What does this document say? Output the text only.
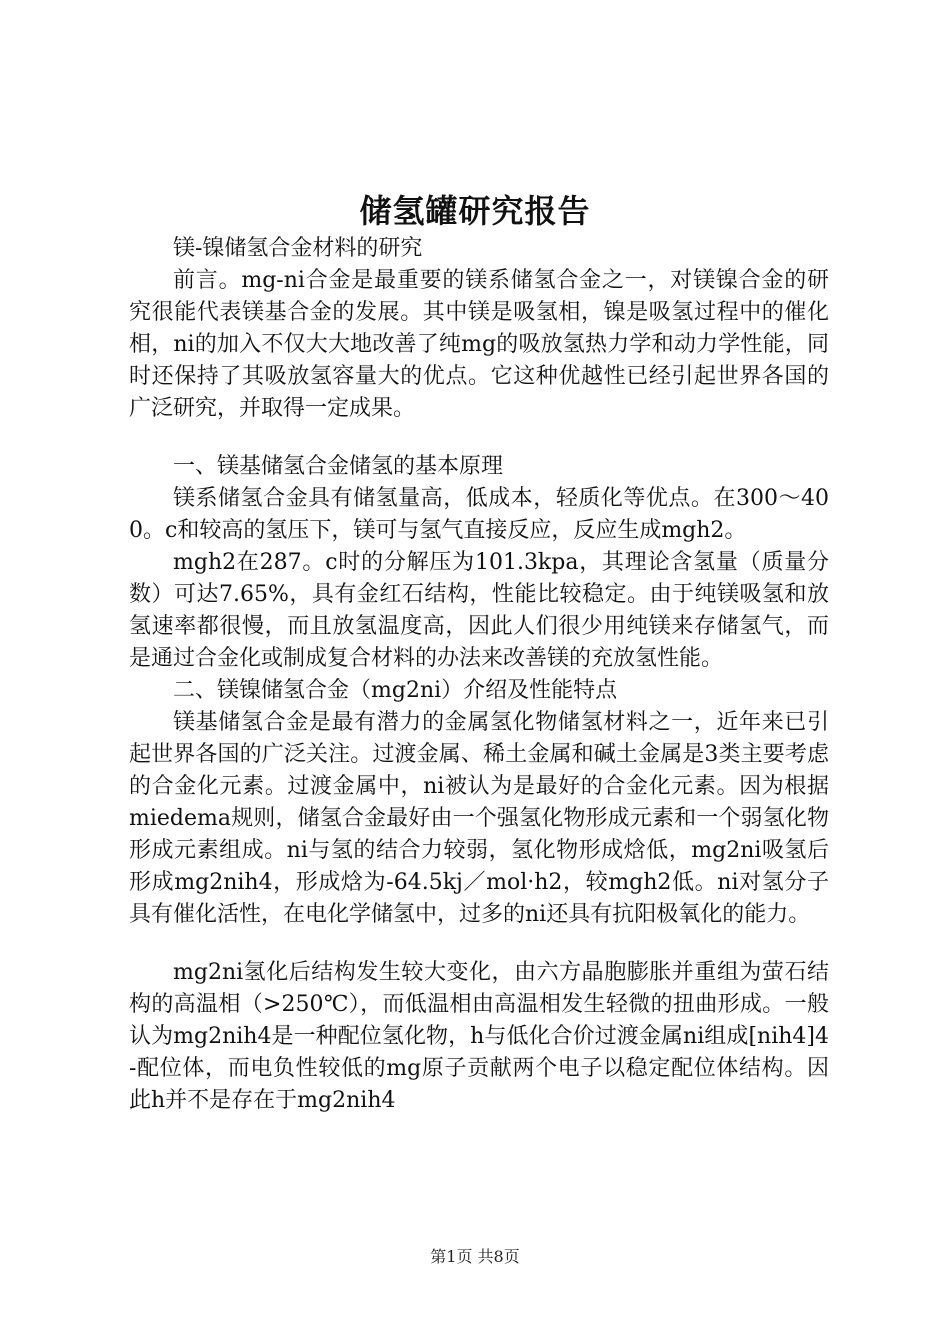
储氢罐研究报告

镁-镍储氢合金材料的研究

前言。mg-ni合金是最重要的镁系储氢合金之一，对镁镍合金的研究很能代表镁基合金的发展。其中镁是吸氢相，镍是吸氢过程中的催化相，ni的加入不仅大大地改善了纯mg的吸放氢热力学和动力学性能，同时还保持了其吸放氢容量大的优点。它这种优越性已经引起世界各国的广泛研究，并取得一定成果。

一、镁基储氢合金储氢的基本原理

镁系储氢合金具有储氢量高，低成本，轻质化等优点。在300～400。c和较高的氢压下，镁可与氢气直接反应，反应生成mgh2。

mgh2在287。c时的分解压为101.3kpa，其理论含氢量（质量分数）可达7.65%，具有金红石结构，性能比较稳定。由于纯镁吸氢和放氢速率都很慢，而且放氢温度高，因此人们很少用纯镁来存储氢气，而是通过合金化或制成复合材料的办法来改善镁的充放氢性能。

二、镁镍储氢合金（mg2ni）介绍及性能特点

镁基储氢合金是最有潜力的金属氢化物储氢材料之一，近年来已引起世界各国的广泛关注。过渡金属、稀土金属和碱土金属是3类主要考虑的合金化元素。过渡金属中，ni被认为是最好的合金化元素。因为根据miedema规则，储氢合金最好由一个强氢化物形成元素和一个弱氢化物形成元素组成。ni与氢的结合力较弱，氢化物形成焓低，mg2ni吸氢后形成mg2nih4，形成焓为-64.5kj／mol·h2，较mgh2低。ni对氢分子具有催化活性，在电化学储氢中，过多的ni还具有抗阳极氧化的能力。

mg2ni氢化后结构发生较大变化，由六方晶胞膨胀并重组为萤石结构的高温相（>250℃），而低温相由高温相发生轻微的扭曲形成。一般认为mg2nih4是一种配位氢化物，h与低化合价过渡金属ni组成[nih4]4-配位体，而电负性较低的mg原子贡献两个电子以稳定配位体结构。因此h并不是存在于mg2nih4

第1页 共8页
